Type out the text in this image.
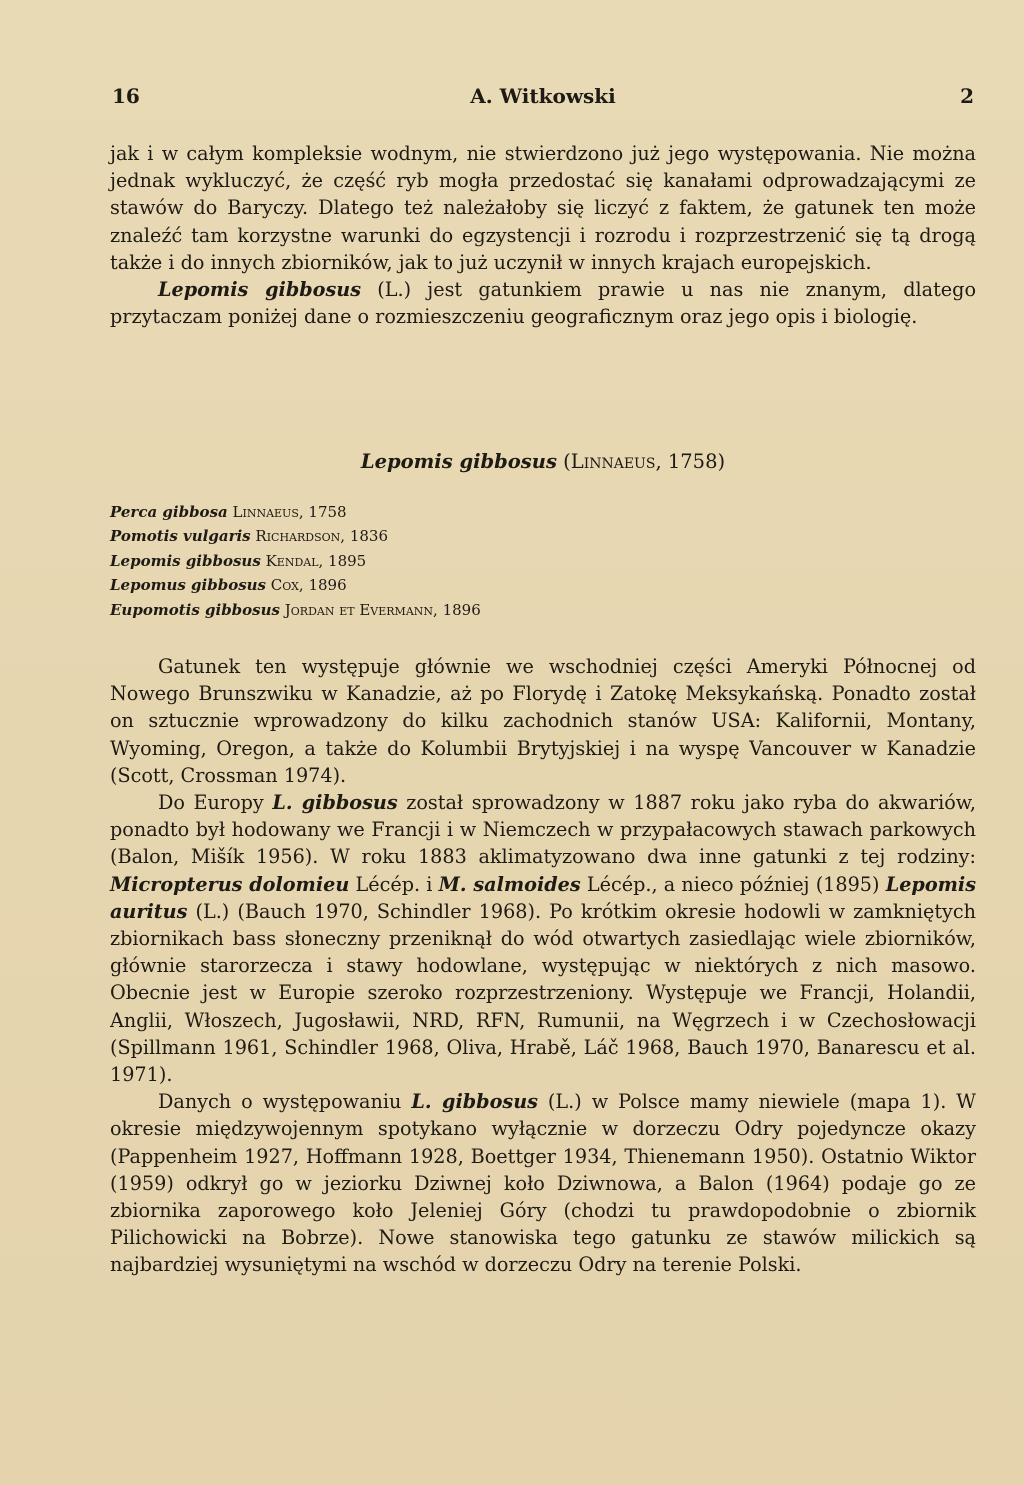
16	A. Witkowski	2

jak i w całym kompleksie wodnym, nie stwierdzono już jego występowania. Nie można jednak wykluczyć, że część ryb mogła przedostać się kanałami odprowadzającymi ze stawów do Baryczy. Dlatego też należałoby się liczyć z faktem, że gatunek ten może znaleźć tam korzystne warunki do egzystencji i rozrodu i rozprzestrzenić się tą drogą także i do innych zbiorników, jak to już uczynił w innych krajach europejskich.

Lepomis gibbosus (L.) jest gatunkiem prawie u nas nie znanym, dlatego przytaczam poniżej dane o rozmieszczeniu geograficznym oraz jego opis i biologię.

Lepomis gibbosus (Linnaeus, 1758)
Perca gibbosa Linnaeus, 1758
Pomotis vulgaris Richardson, 1836
Lepomis gibbosus Kendal, 1895
Lepomus gibbosus Cox, 1896
Eupomotis gibbosus Jordan et Evermann, 1896

Gatunek ten występuje głównie we wschodniej części Ameryki Północnej od Nowego Brunszwiku w Kanadzie, aż po Florydę i Zatokę Meksykańską. Ponadto został on sztucznie wprowadzony do kilku zachodnich stanów USA: Kalifornii, Montany, Wyoming, Oregon, a także do Kolumbii Brytyjskiej i na wyspę Vancouver w Kanadzie (Scott, Crossman 1974).

Do Europy L. gibbosus został sprowadzony w 1887 roku jako ryba do akwariów, ponadto był hodowany we Francji i w Niemczech w przypałacowych stawach parkowych (Balon, Mišík 1956). W roku 1883 aklimatyzowano dwa inne gatunki z tej rodziny: Micropterus dolomieu Lécép. i M. salmoides Lécép., a nieco później (1895) Lepomis auritus (L.) (Bauch 1970, Schindler 1968). Po krótkim okresie hodowli w zamkniętych zbiornikach bass słoneczny przeniknął do wód otwartych zasiedlając wiele zbiorników, głównie starorzecza i stawy hodowlane, występując w niektórych z nich masowo. Obecnie jest w Europie szeroko rozprzestrzeniony. Występuje we Francji, Holandii, Anglii, Włoszech, Jugosławii, NRD, RFN, Rumunii, na Węgrzech i w Czechosłowacji (Spillmann 1961, Schindler 1968, Oliva, Hrabě, Láč 1968, Bauch 1970, Banarescu et al. 1971).

Danych o występowaniu L. gibbosus (L.) w Polsce mamy niewiele (mapa 1). W okresie międzywojennym spotykano wyłącznie w dorzeczu Odry pojedyncze okazy (Pappenheim 1927, Hoffmann 1928, Boettger 1934, Thienemann 1950). Ostatnio Wiktor (1959) odkrył go w jeziorku Dziwnej koło Dziwnowa, a Balon (1964) podaje go ze zbiornika zaporowego koło Jeleniej Góry (chodzi tu prawdopodobnie o zbiornik Pilichowicki na Bobrze). Nowe stanowiska tego gatunku ze stawów milickich są najbardziej wysuniętymi na wschód w dorzeczu Odry na terenie Polski.
